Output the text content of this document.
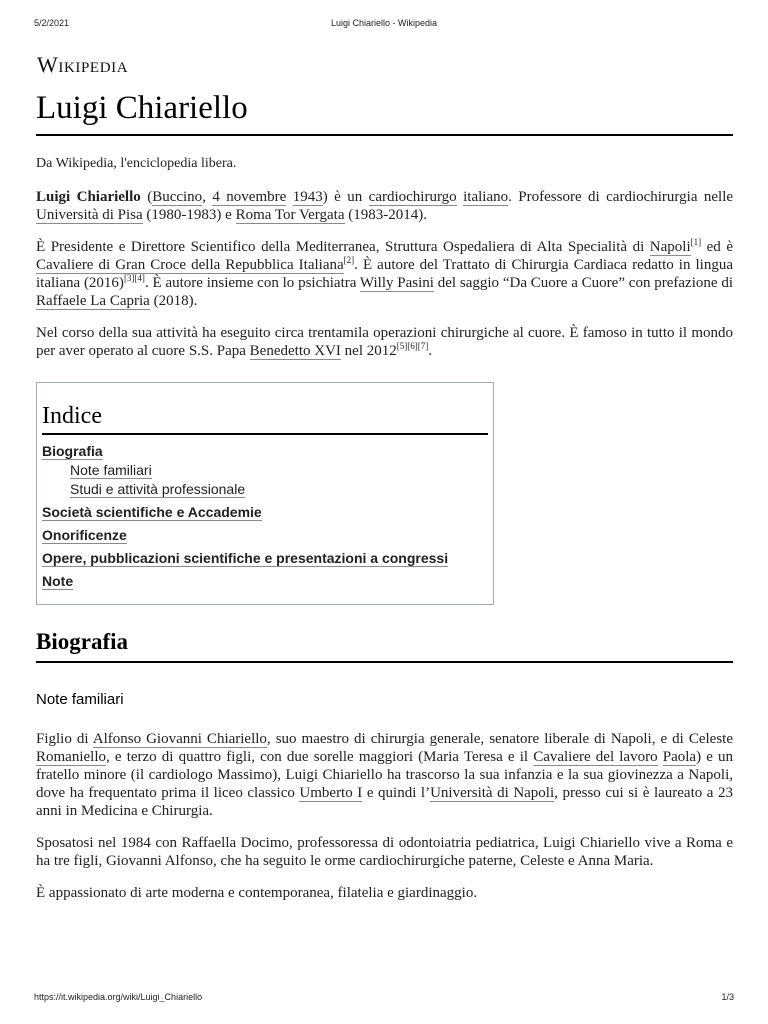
5/2/2021	Luigi Chiariello - Wikipedia
Wikipedia
Luigi Chiariello
Da Wikipedia, l'enciclopedia libera.

Luigi Chiariello (Buccino, 4 novembre 1943) è un cardiochirurgo italiano. Professore di cardiochirurgia nelle Università di Pisa (1980-1983) e Roma Tor Vergata (1983-2014).

È Presidente e Direttore Scientifico della Mediterranea, Struttura Ospedaliera di Alta Specialità di Napoli[1] ed è Cavaliere di Gran Croce della Repubblica Italiana[2]. È autore del Trattato di Chirurgia Cardiaca redatto in lingua italiana (2016)[3][4]. È autore insieme con lo psichiatra Willy Pasini del saggio “Da Cuore a Cuore” con prefazione di Raffaele La Capria (2018).

Nel corso della sua attività ha eseguito circa trentamila operazioni chirurgiche al cuore. È famoso in tutto il mondo per aver operato al cuore S.S. Papa Benedetto XVI nel 2012[5][6][7].

Indice
Biografia
Note familiari
Studi e attività professionale
Società scientifiche e Accademie
Onorificenze
Opere, pubblicazioni scientifiche e presentazioni a congressi
Note
Biografia
Note familiari

Figlio di Alfonso Giovanni Chiariello, suo maestro di chirurgia generale, senatore liberale di Napoli, e di Celeste Romaniello, e terzo di quattro figli, con due sorelle maggiori (Maria Teresa e il Cavaliere del lavoro Paola) e un fratello minore (il cardiologo Massimo), Luigi Chiariello ha trascorso la sua infanzia e la sua giovinezza a Napoli, dove ha frequentato prima il liceo classico Umberto I e quindi l’Università di Napoli, presso cui si è laureato a 23 anni in Medicina e Chirurgia.

Sposatosi nel 1984 con Raffaella Docimo, professoressa di odontoiatria pediatrica, Luigi Chiariello vive a Roma e ha tre figli, Giovanni Alfonso, che ha seguito le orme cardiochirurgiche paterne, Celeste e Anna Maria.

È appassionato di arte moderna e contemporanea, filatelia e giardinaggio.

https://it.wikipedia.org/wiki/Luigi_Chiariello	1/3
